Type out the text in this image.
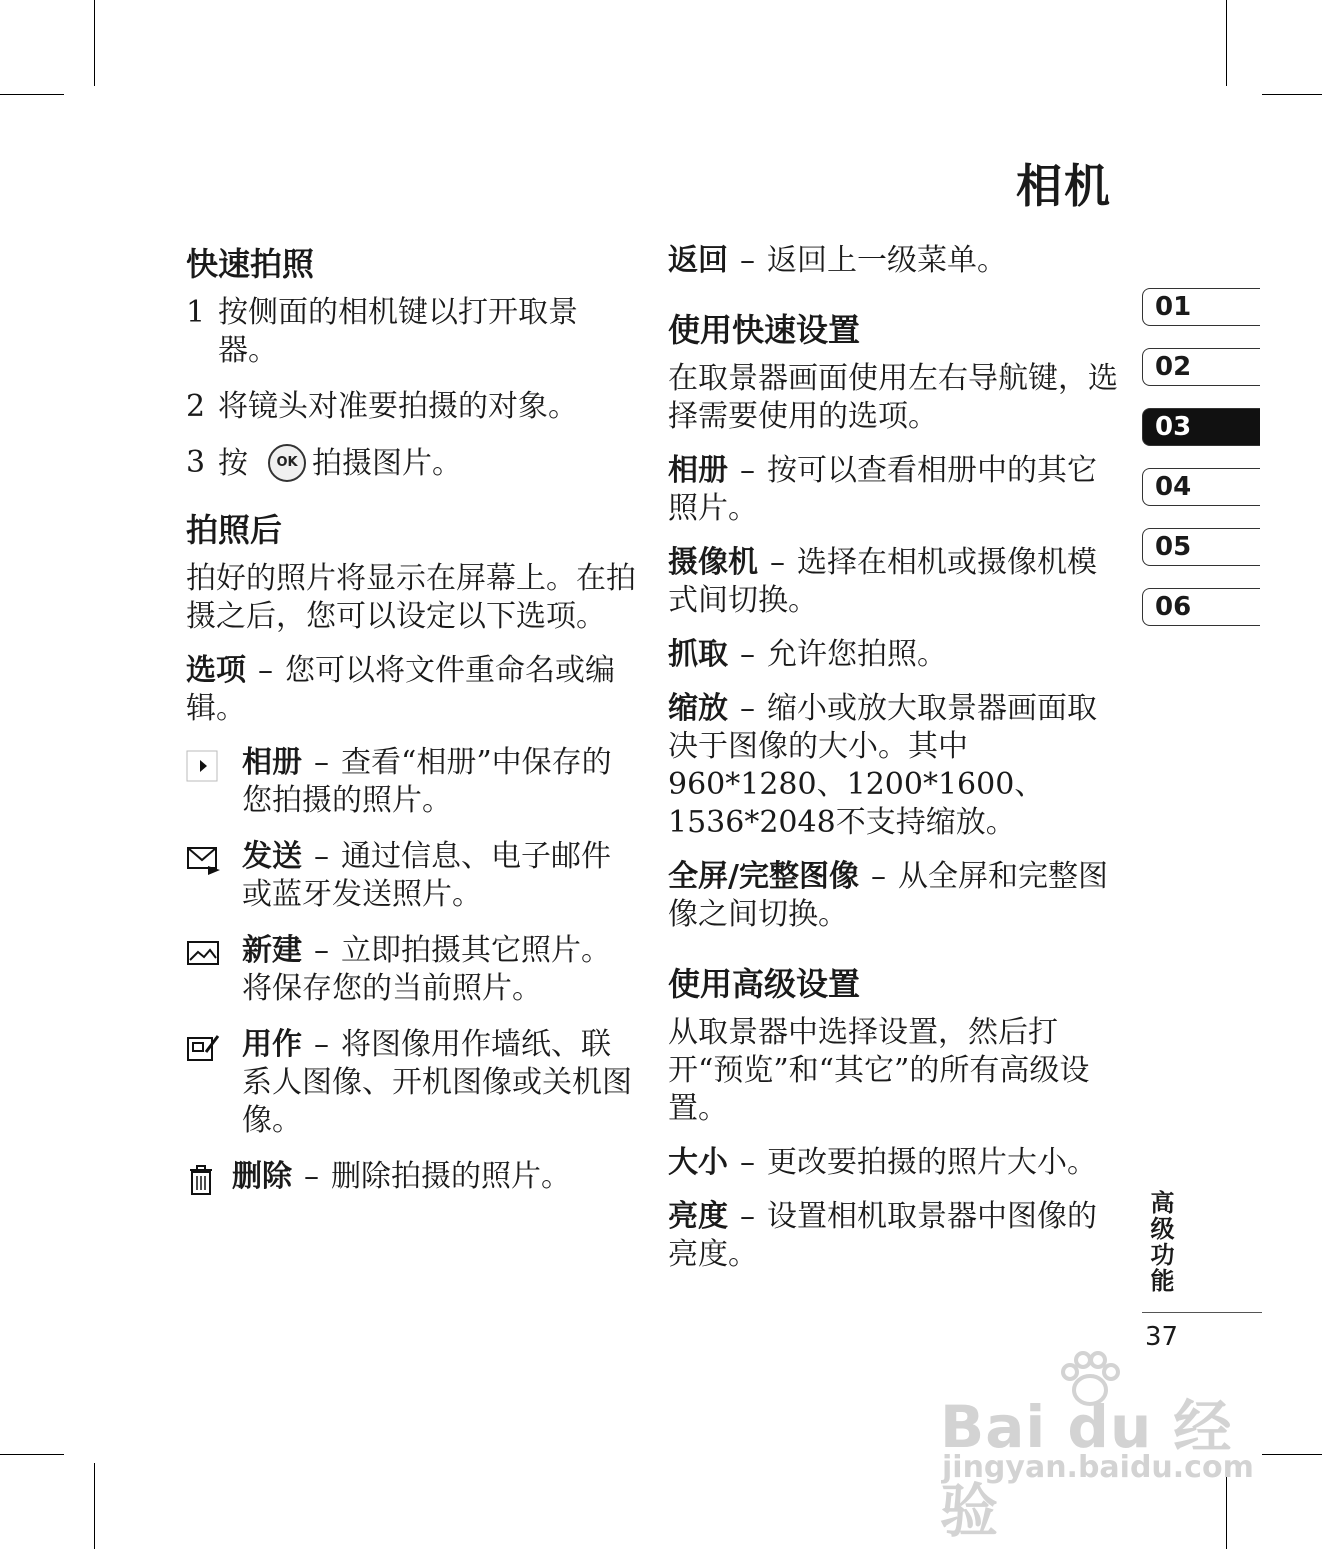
相机
快速拍照
1 按侧面的相机键以打开取景器。
2 将镜头对准要拍摄的对象。
3 按 OK 拍摄图片。
拍照后

拍好的照片将显示在屏幕上。在拍摄之后，您可以设定以下选项。

选项 – 您可以将文件重命名或编辑。

相册 – 查看“相册”中保存的您拍摄的照片。
发送 – 通过信息、电子邮件或蓝牙发送照片。
新建 – 立即拍摄其它照片。将保存您的当前照片。
用作 – 将图像用作墙纸、联系人图像、开机图像或关机图像。
删除 – 删除拍摄的照片。

返回 – 返回上一级菜单。

使用快速设置

在取景器画面使用左右导航键，选择需要使用的选项。

相册 – 按可以查看相册中的其它照片。

摄像机 – 选择在相机或摄像机模式间切换。

抓取 – 允许您拍照。

缩放 – 缩小或放大取景器画面取决于图像的大小。其中960*1280、1200*1600、1536*2048不支持缩放。

全屏/完整图像 – 从全屏和完整图像之间切换。

使用高级设置

从取景器中选择设置，然后打开“预览”和“其它”的所有高级设置。

大小 – 更改要拍摄的照片大小。

亮度 – 设置相机取景器中图像的亮度。

01
02
03
04
05
06
高级功能
37
Bai du 经验
jingyan.baidu.com
